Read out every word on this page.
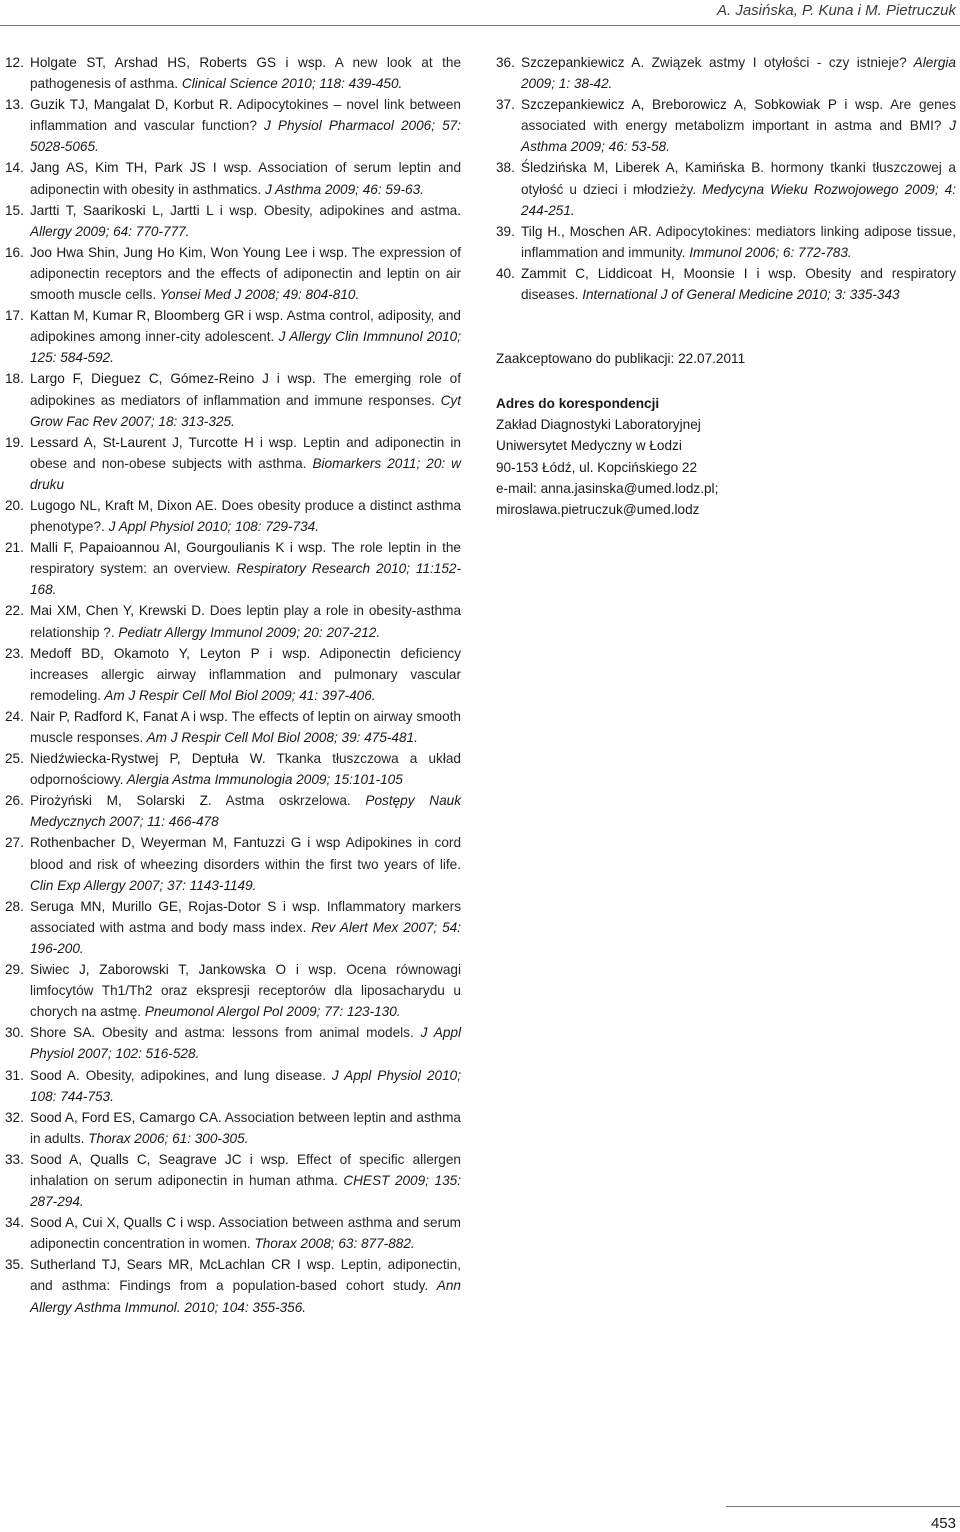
A. Jasińska, P. Kuna i M. Pietruczuk
12. Holgate ST, Arshad HS, Roberts GS i wsp. A new look at the pathogenesis of asthma. Clinical Science 2010; 118: 439-450.
13. Guzik TJ, Mangalat D, Korbut R. Adipocytokines – novel link between inflammation and vascular function? J Physiol Pharmacol 2006; 57: 5028-5065.
14. Jang AS, Kim TH, Park JS I wsp. Association of serum leptin and adiponectin with obesity in asthmatics. J Asthma 2009; 46: 59-63.
15. Jartti T, Saarikoski L, Jartti L i wsp. Obesity, adipokines and astma. Allergy 2009; 64: 770-777.
16. Joo Hwa Shin, Jung Ho Kim, Won Young Lee i wsp. The expression of adiponectin receptors and the effects of adiponectin and leptin on air smooth muscle cells. Yonsei Med J 2008; 49: 804-810.
17. Kattan M, Kumar R, Bloomberg GR i wsp. Astma control, adiposity, and adipokines among inner-city adolescent. J Allergy Clin Immnunol 2010; 125: 584-592.
18. Largo F, Dieguez C, Gómez-Reino J i wsp. The emerging role of adipokines as mediators of inflammation and immune responses. Cyt Grow Fac Rev 2007; 18: 313-325.
19. Lessard A, St-Laurent J, Turcotte H i wsp. Leptin and adiponectin in obese and non-obese subjects with asthma. Biomarkers 2011; 20: w druku
20. Lugogo NL, Kraft M, Dixon AE. Does obesity produce a distinct asthma phenotype?. J Appl Physiol 2010; 108: 729-734.
21. Malli F, Papaioannou AI, Gourgoulianis K i wsp. The role leptin in the respiratory system: an overview. Respiratory Research 2010; 11:152-168.
22. Mai XM, Chen Y, Krewski D. Does leptin play a role in obesity-asthma relationship ?. Pediatr Allergy Immunol 2009; 20: 207-212.
23. Medoff BD, Okamoto Y, Leyton P i wsp. Adiponectin deficiency increases allergic airway inflammation and pulmonary vascular remodeling. Am J Respir Cell Mol Biol 2009; 41: 397-406.
24. Nair P, Radford K, Fanat A i wsp. The effects of leptin on airway smooth muscle responses. Am J Respir Cell Mol Biol 2008; 39: 475-481.
25. Niedźwiecka-Rystwej P, Deptuła W. Tkanka tłuszczowa a układ odpornościowy. Alergia Astma Immunologia 2009; 15:101-105
26. Pirożyński M, Solarski Z. Astma oskrzelowa. Postępy Nauk Medycznych 2007; 11: 466-478
27. Rothenbacher D, Weyerman M, Fantuzzi G i wsp Adipokines in cord blood and risk of wheezing disorders within the first two years of life. Clin Exp Allergy 2007; 37: 1143-1149.
28. Seruga MN, Murillo GE, Rojas-Dotor S i wsp. Inflammatory markers associated with astma and body mass index. Rev Alert Mex 2007; 54: 196-200.
29. Siwiec J, Zaborowski T, Jankowska O i wsp. Ocena równowagi limfocytów Th1/Th2 oraz ekspresji receptorów dla liposacharydu u chorych na astmę. Pneumonol Alergol Pol 2009; 77: 123-130.
30. Shore SA. Obesity and astma: lessons from animal models. J Appl Physiol 2007; 102: 516-528.
31. Sood A. Obesity, adipokines, and lung disease. J Appl Physiol 2010; 108: 744-753.
32. Sood A, Ford ES, Camargo CA. Association between leptin and asthma in adults. Thorax 2006; 61: 300-305.
33. Sood A, Qualls C, Seagrave JC i wsp. Effect of specific allergen inhalation on serum adiponectin in human athma. CHEST 2009; 135: 287-294.
34. Sood A, Cui X, Qualls C i wsp. Association between asthma and serum adiponectin concentration in women. Thorax 2008; 63: 877-882.
35. Sutherland TJ, Sears MR, McLachlan CR I wsp. Leptin, adiponectin, and asthma: Findings from a population-based cohort study. Ann Allergy Asthma Immunol. 2010; 104: 355-356.
36. Szczepankiewicz A. Związek astmy I otyłości - czy istnieje? Alergia 2009; 1: 38-42.
37. Szczepankiewicz A, Breborowicz A, Sobkowiak P i wsp. Are genes associated with energy metabolizm important in astma and BMI? J Asthma 2009; 46: 53-58.
38. Śledzińska M, Liberek A, Kamińska B. hormony tkanki tłuszczowej a otyłość u dzieci i młodzieży. Medycyna Wieku Rozwojowego 2009; 4: 244-251.
39. Tilg H., Moschen AR. Adipocytokines: mediators linking adipose tissue, inflammation and immunity. Immunol 2006; 6: 772-783.
40. Zammit C, Liddicoat H, Moonsie I i wsp. Obesity and respiratory diseases. International J of General Medicine 2010; 3: 335-343
Zaakceptowano do publikacji: 22.07.2011
Adres do korespondencji
Zakład Diagnostyki Laboratoryjnej
Uniwersytet Medyczny w Łodzi
90-153 Łódź, ul. Kopcińskiego 22
e-mail: anna.jasinska@umed.lodz.pl;
miroslawa.pietruczuk@umed.lodz
453
